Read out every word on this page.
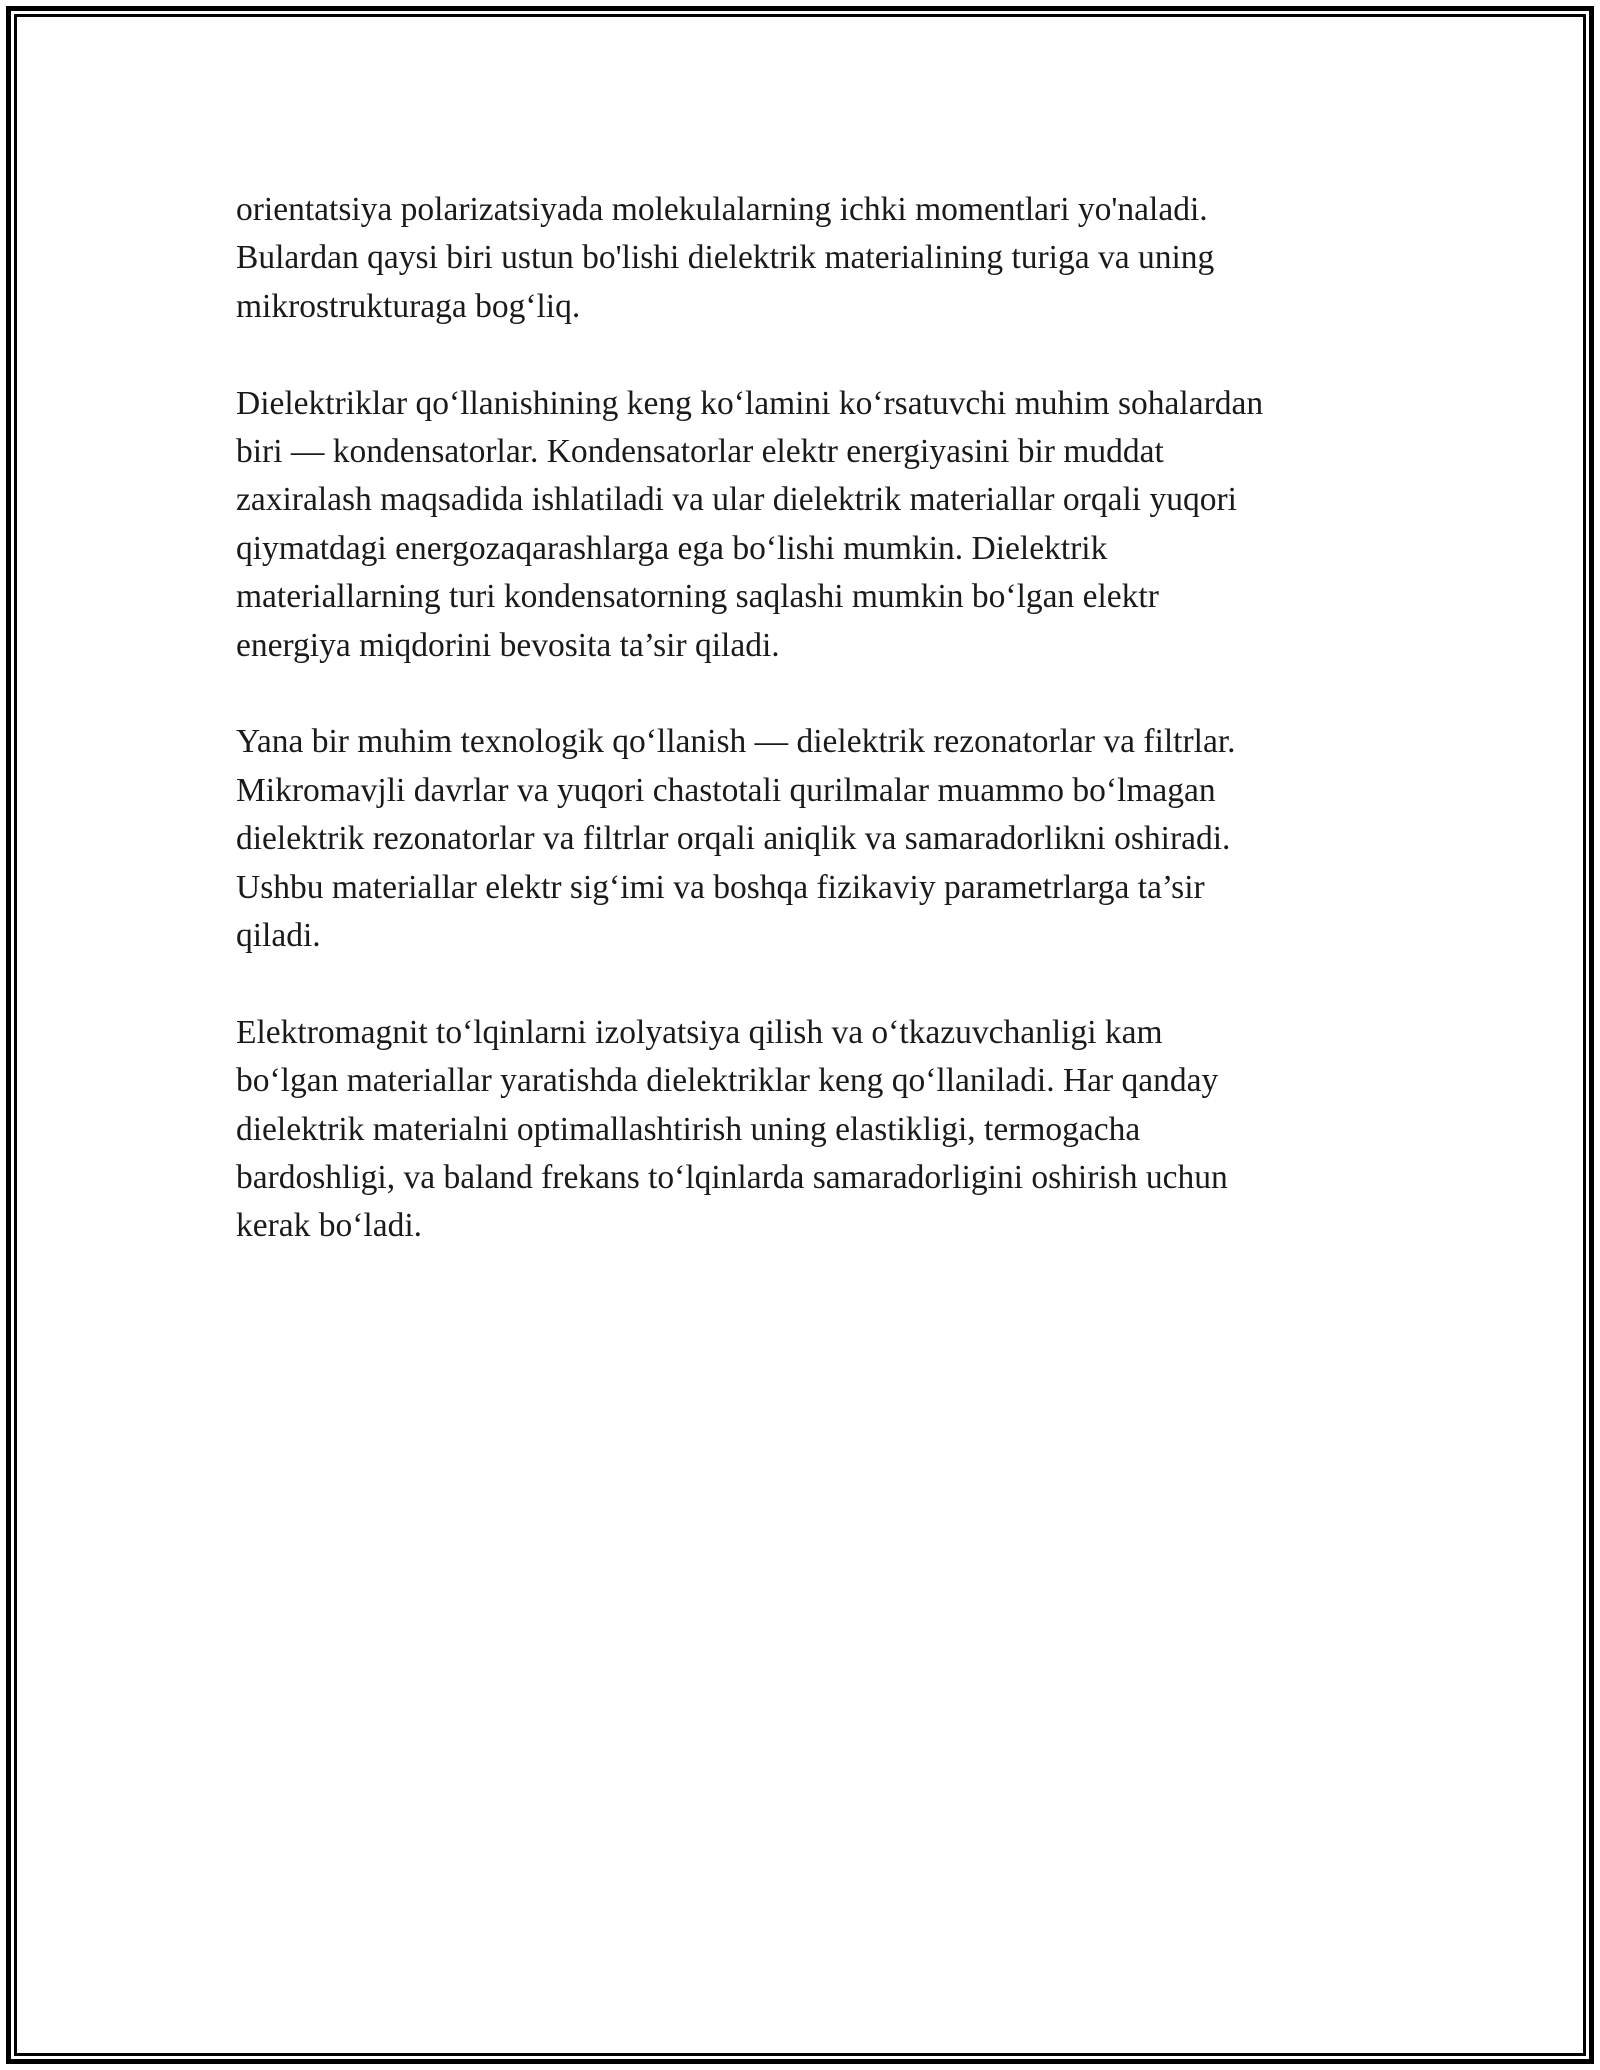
orientatsiya polarizatsiyada molekulalarning ichki momentlari yo'naladi.
Bulardan qaysi biri ustun bo'lishi dielektrik materialining turiga va uning
mikrostrukturaga bog‘liq.

Dielektriklar qo‘llanishining keng ko‘lamini ko‘rsatuvchi muhim sohalardan
biri — kondensatorlar. Kondensatorlar elektr energiyasini bir muddat
zaxiralash maqsadida ishlatiladi va ular dielektrik materiallar orqali yuqori
qiymatdagi energozaqarashlarga ega bo‘lishi mumkin. Dielektrik
materiallarning turi kondensatorning saqlashi mumkin bo‘lgan elektr
energiya miqdorini bevosita ta’sir qiladi.

Yana bir muhim texnologik qo‘llanish — dielektrik rezonatorlar va filtrlar.
Mikromavjli davrlar va yuqori chastotali qurilmalar muammo bo‘lmagan
dielektrik rezonatorlar va filtrlar orqali aniqlik va samaradorlikni oshiradi.
Ushbu materiallar elektr sig‘imi va boshqa fizikaviy parametrlarga ta’sir
qiladi.

Elektromagnit to‘lqinlarni izolyatsiya qilish va o‘tkazuvchanligi kam
bo‘lgan materiallar yaratishda dielektriklar keng qo‘llaniladi. Har qanday
dielektrik materialni optimallashtirish uning elastikligi, termogacha
bardoshligi, va baland frekans to‘lqinlarda samaradorligini oshirish uchun
kerak bo‘ladi.
